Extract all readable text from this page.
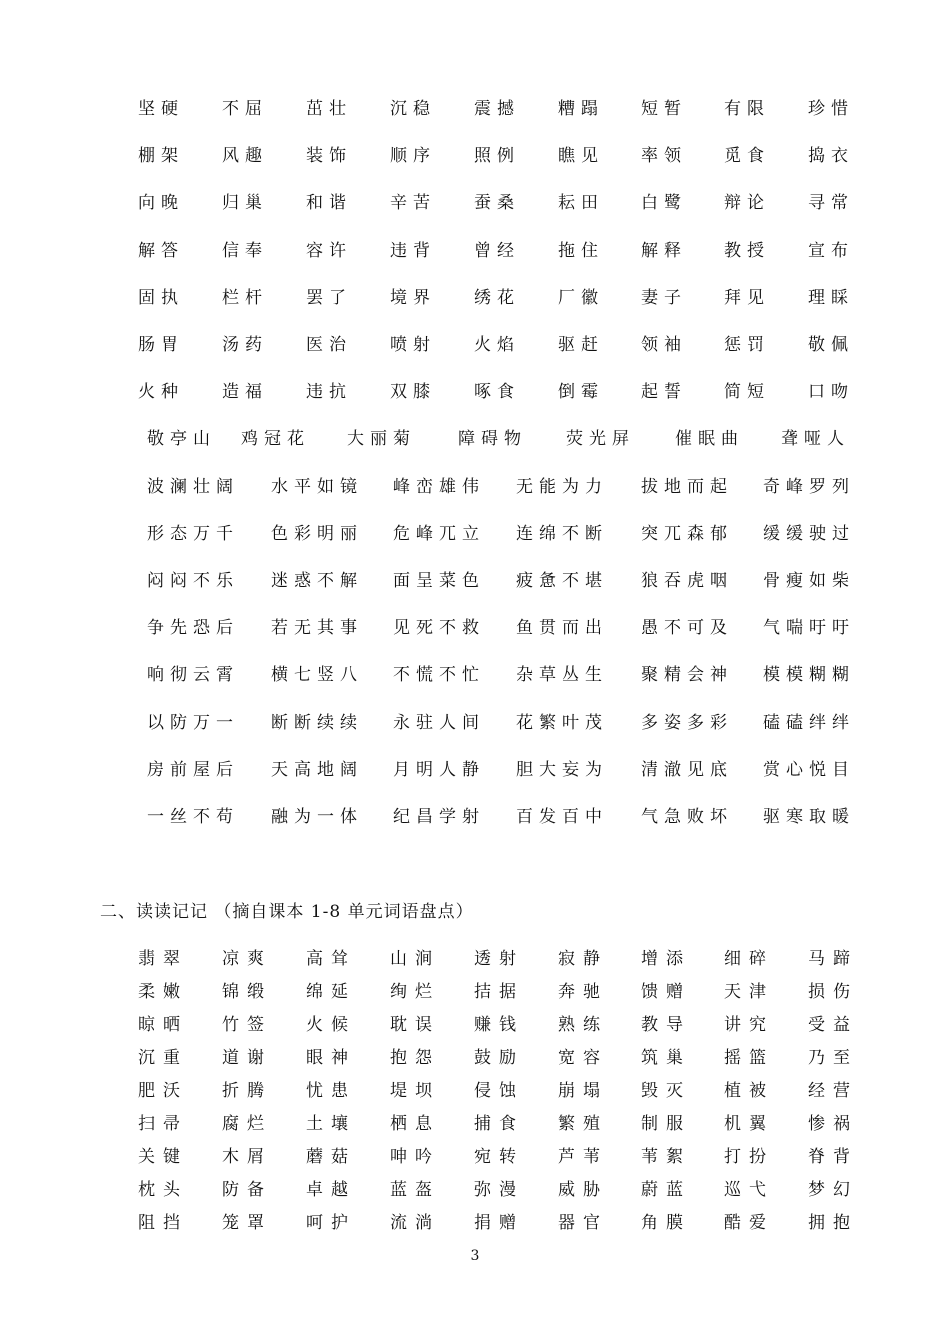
坚硬 不屈 茁壮 沉稳 震撼 糟蹋 短暂 有限 珍惜
棚架 风趣 装饰 顺序 照例 瞧见 率领 觅食 捣衣
向晚 归巢 和谐 辛苦 蚕桑 耘田 白鹭 辩论 寻常
解答 信奉 容许 违背 曾经 拖住 解释 教授 宣布
固执 栏杆 罢了 境界 绣花 厂徽 妻子 拜见 理睬
肠胃 汤药 医治 喷射 火焰 驱赶 领袖 惩罚 敬佩
火种 造福 违抗 双膝 啄食 倒霉 起誓 简短 口吻
敬亭山 鸡冠花 大丽菊 障碍物 荧光屏 催眠曲 聋哑人
波澜壮阔 水平如镜 峰峦雄伟 无能为力 拔地而起 奇峰罗列
形态万千 色彩明丽 危峰兀立 连绵不断 突兀森郁 缓缓驶过
闷闷不乐 迷惑不解 面呈菜色 疲惫不堪 狼吞虎咽 骨瘦如柴
争先恐后 若无其事 见死不救 鱼贯而出 愚不可及 气喘吁吁
响彻云霄 横七竖八 不慌不忙 杂草丛生 聚精会神 模模糊糊
以防万一 断断续续 永驻人间 花繁叶茂 多姿多彩 磕磕绊绊
房前屋后 天高地阔 月明人静 胆大妄为 清澈见底 赏心悦目
一丝不苟 融为一体 纪昌学射 百发百中 气急败坏 驱寒取暖
二、读读记记 （摘自课本 1-8 单元词语盘点）
翡翠 凉爽 高耸 山涧 透射 寂静 增添 细碎 马蹄
柔嫩 锦缎 绵延 绚烂 拮据 奔驰 馈赠 天津 损伤
晾晒 竹签 火候 耽误 赚钱 熟练 教导 讲究 受益
沉重 道谢 眼神 抱怨 鼓励 宽容 筑巢 摇篮 乃至
肥沃 折腾 忧患 堤坝 侵蚀 崩塌 毁灭 植被 经营
扫帚 腐烂 土壤 栖息 捕食 繁殖 制服 机翼 惨祸
关键 木屑 蘑菇 呻吟 宛转 芦苇 苇絮 打扮 脊背
枕头 防备 卓越 蓝盔 弥漫 威胁 蔚蓝 巡弋 梦幻
阻挡 笼罩 呵护 流淌 捐赠 器官 角膜 酷爱 拥抱
3
